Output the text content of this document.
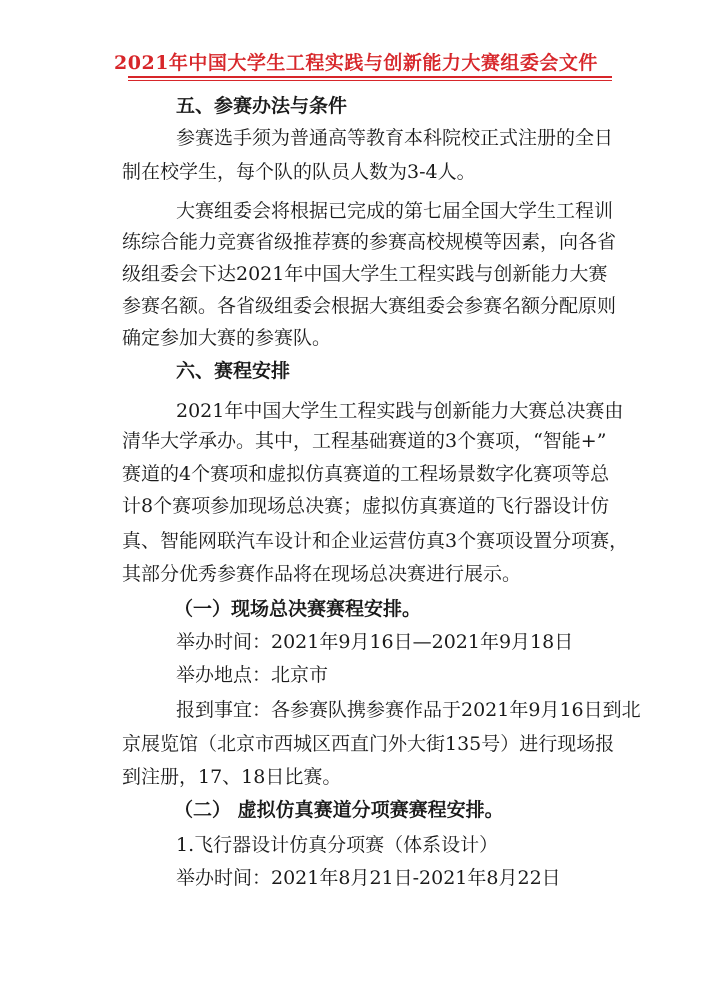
2021年中国大学生工程实践与创新能力大赛组委会文件
五、参赛办法与条件
参赛选手须为普通高等教育本科院校正式注册的全日
制在校学生，每个队的队员人数为3-4人。
大赛组委会将根据已完成的第七届全国大学生工程训
练综合能力竞赛省级推荐赛的参赛高校规模等因素，向各省
级组委会下达2021年中国大学生工程实践与创新能力大赛
参赛名额。各省级组委会根据大赛组委会参赛名额分配原则
确定参加大赛的参赛队。
六、赛程安排
2021年中国大学生工程实践与创新能力大赛总决赛由
清华大学承办。其中，工程基础赛道的3个赛项，“智能+”
赛道的4个赛项和虚拟仿真赛道的工程场景数字化赛项等总
计8个赛项参加现场总决赛；虚拟仿真赛道的飞行器设计仿
真、智能网联汽车设计和企业运营仿真3个赛项设置分项赛，
其部分优秀参赛作品将在现场总决赛进行展示。
（一）现场总决赛赛程安排。
举办时间：2021年9月16日—2021年9月18日
举办地点：北京市
报到事宜：各参赛队携参赛作品于2021年9月16日到北
京展览馆（北京市西城区西直门外大街135号）进行现场报
到注册，17、18日比赛。
（二） 虚拟仿真赛道分项赛赛程安排。
1.飞行器设计仿真分项赛（体系设计）
举办时间：2021年8月21日-2021年8月22日
